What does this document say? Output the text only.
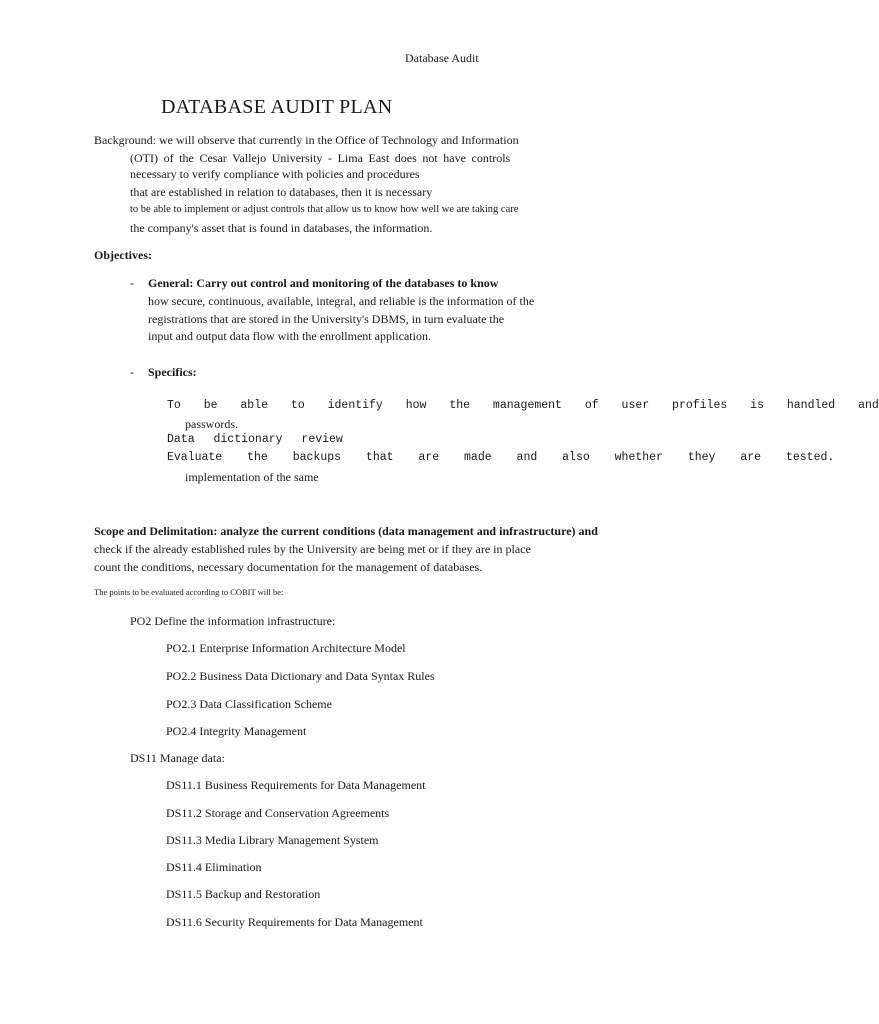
Database Audit
DATABASE AUDIT PLAN
Background: we will observe that currently in the Office of Technology and Information
(OTI) of the Cesar Vallejo University - Lima East does not have controls
necessary to verify compliance with policies and procedures
that are established in relation to databases, then it is necessary
to be able to implement or adjust controls that allow us to know how well we are taking care
the company's asset that is found in databases, the information.
Objectives:
- General: Carry out control and monitoring of the databases to know
how secure, continuous, available, integral, and reliable is the information of the
registrations that are stored in the University's DBMS, in turn evaluate the
input and output data flow with the enrollment application.
- Specifics:
To be able to identify how the management of user profiles is handled and
passwords.
Data dictionary review
Evaluate the backups that are made and also whether they are tested.
implementation of the same
Scope and Delimitation: analyze the current conditions (data management and infrastructure) and
check if the already established rules by the University are being met or if they are in place
count the conditions, necessary documentation for the management of databases.
The points to be evaluated according to COBIT will be:
PO2 Define the information infrastructure:
PO2.1 Enterprise Information Architecture Model
PO2.2 Business Data Dictionary and Data Syntax Rules
PO2.3 Data Classification Scheme
PO2.4 Integrity Management
DS11 Manage data:
DS11.1 Business Requirements for Data Management
DS11.2 Storage and Conservation Agreements
DS11.3 Media Library Management System
DS11.4 Elimination
DS11.5 Backup and Restoration
DS11.6 Security Requirements for Data Management
